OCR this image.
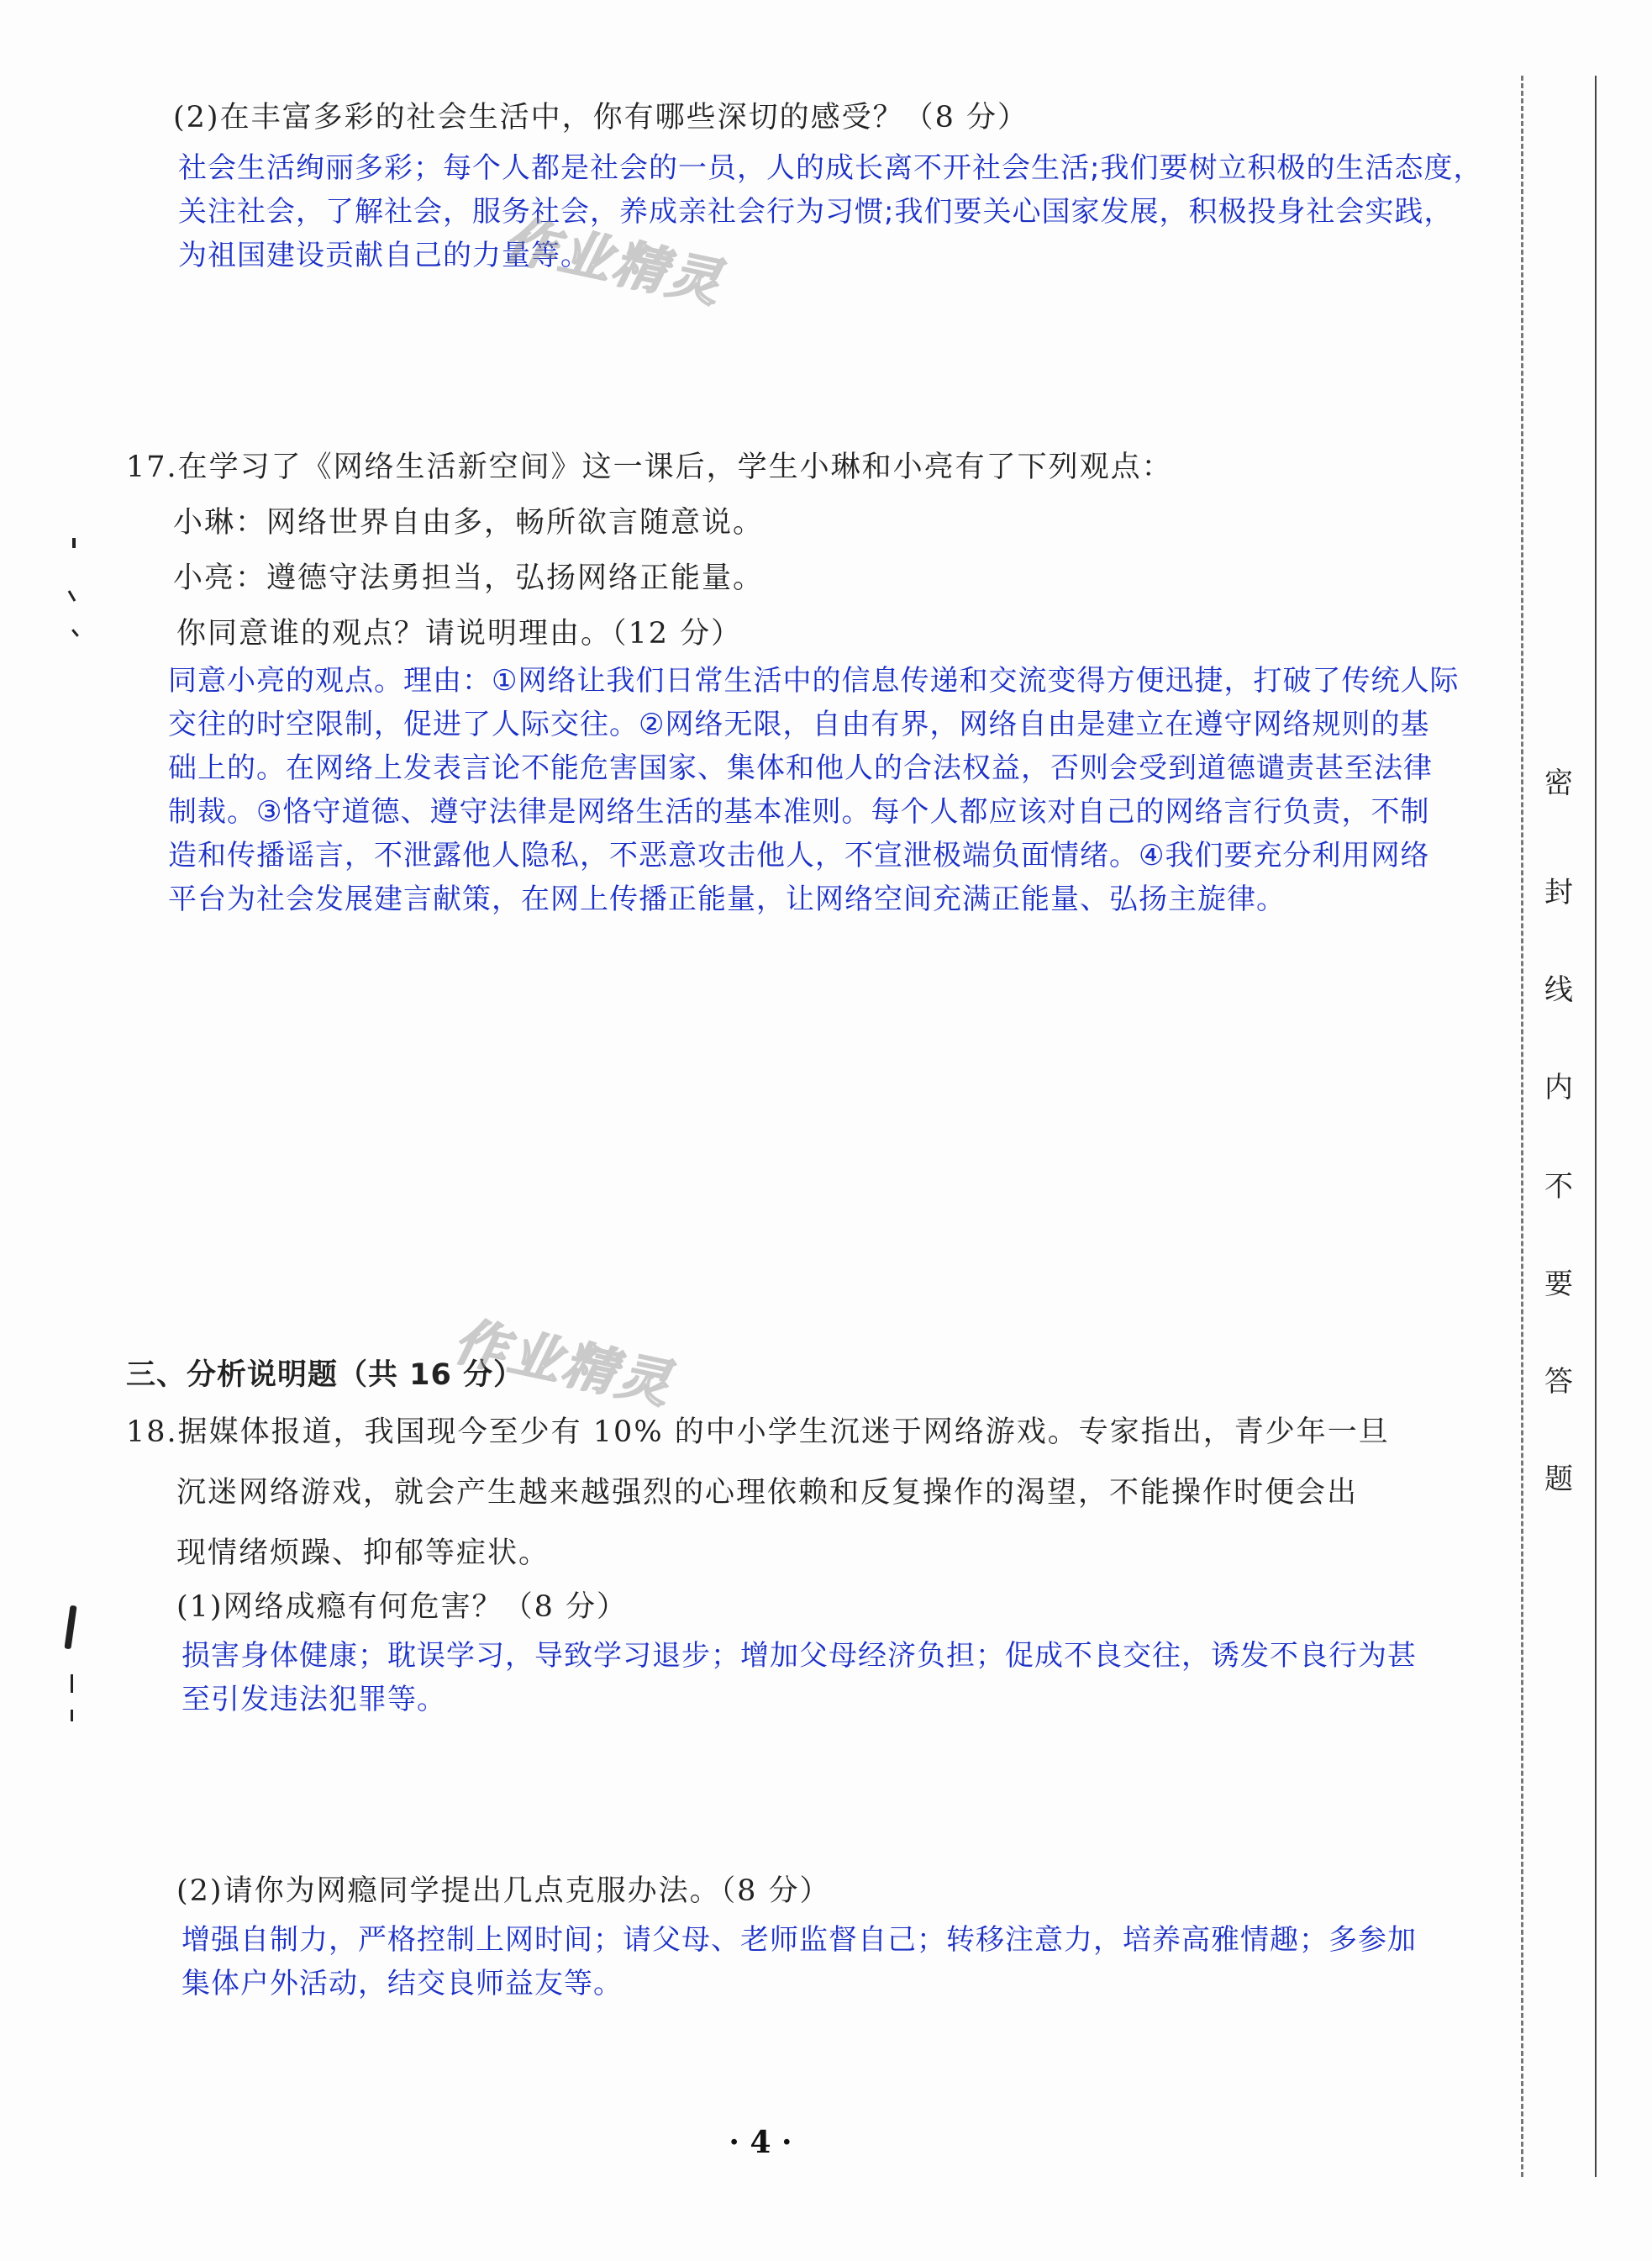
(2)在丰富多彩的社会生活中，你有哪些深切的感受？（8 分）
社会生活绚丽多彩；每个人都是社会的一员，人的成长离不开社会生活;我们要树立积极的生活态度，
关注社会，了解社会，服务社会，养成亲社会行为习惯;我们要关心国家发展，积极投身社会实践，
为祖国建设贡献自己的力量等。
作业精灵
17.在学习了《网络生活新空间》这一课后，学生小琳和小亮有了下列观点：
小琳：网络世界自由多，畅所欲言随意说。
小亮：遵德守法勇担当，弘扬网络正能量。
你同意谁的观点？请说明理由。（12 分）
同意小亮的观点。理由：①网络让我们日常生活中的信息传递和交流变得方便迅捷，打破了传统人际
交往的时空限制，促进了人际交往。②网络无限，自由有界，网络自由是建立在遵守网络规则的基
础上的。在网络上发表言论不能危害国家、集体和他人的合法权益，否则会受到道德谴责甚至法律
制裁。③恪守道德、遵守法律是网络生活的基本准则。每个人都应该对自己的网络言行负责，不制
造和传播谣言，不泄露他人隐私，不恶意攻击他人，不宣泄极端负面情绪。④我们要充分利用网络
平台为社会发展建言献策，在网上传播正能量，让网络空间充满正能量、弘扬主旋律。
三、分析说明题（共 16 分）
作业精灵
18.据媒体报道，我国现今至少有 10% 的中小学生沉迷于网络游戏。专家指出，青少年一旦
沉迷网络游戏，就会产生越来越强烈的心理依赖和反复操作的渴望，不能操作时便会出
现情绪烦躁、抑郁等症状。
(1)网络成瘾有何危害？（8 分）
损害身体健康；耽误学习，导致学习退步；增加父母经济负担；促成不良交往，诱发不良行为甚
至引发违法犯罪等。
(2)请你为网瘾同学提出几点克服办法。（8 分）
增强自制力，严格控制上网时间；请父母、老师监督自己；转移注意力，培养高雅情趣；多参加
集体户外活动，结交良师益友等。
密
封
线
内
不
要
答
题
· 4 ·
